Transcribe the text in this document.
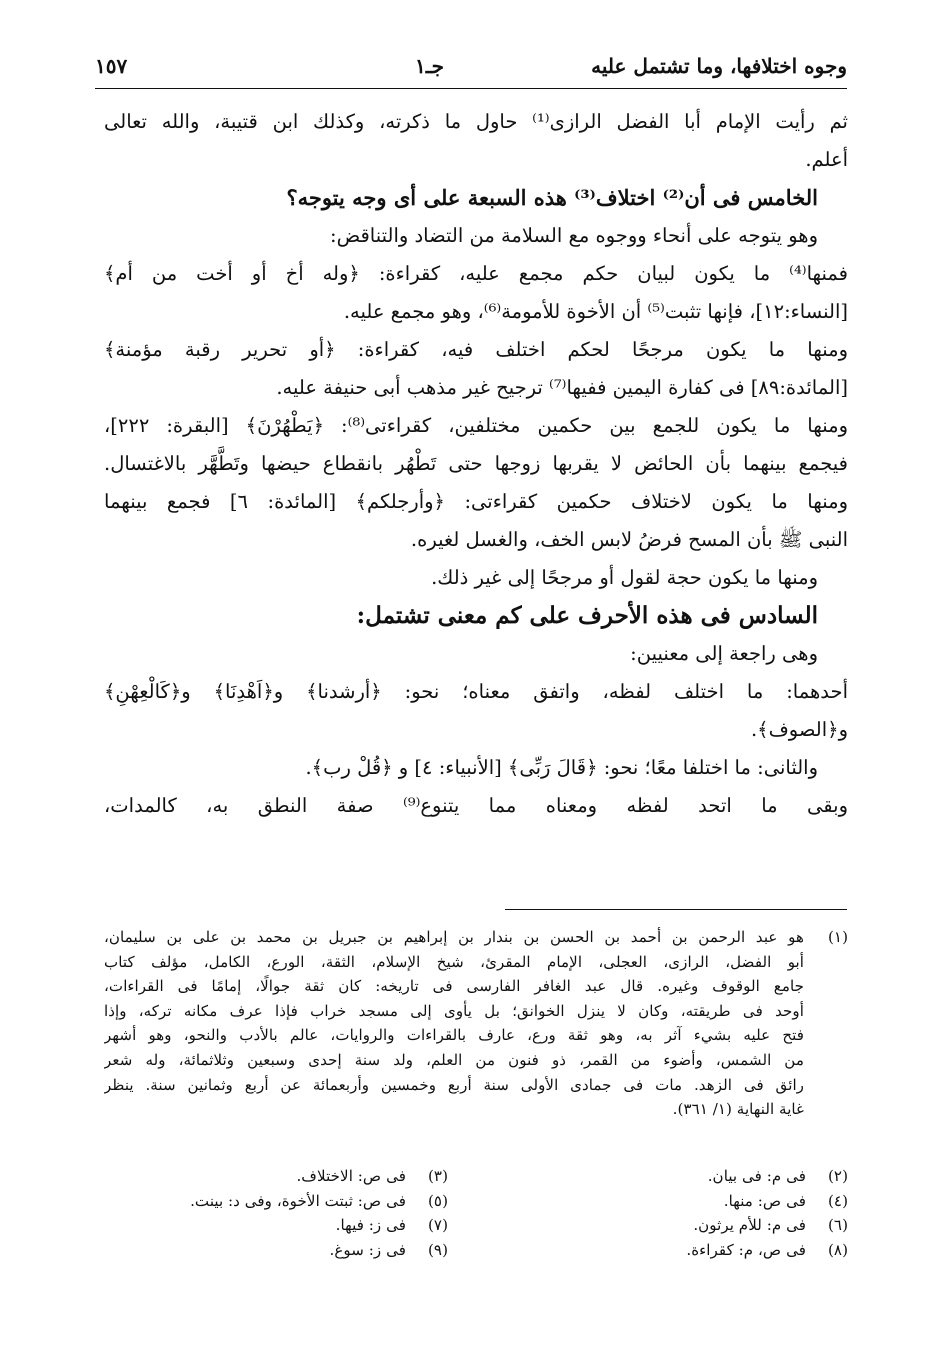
وجوه اختلافها، وما تشتمل عليه
جـ١
١٥٧
ثم رأيت الإمام أبا الفضل الرازى⁽¹⁾ حاول ما ذكرته، وكذلك ابن قتيبة، والله تعالى
أعلم.
الخامس فى أن⁽²⁾ اختلاف⁽³⁾ هذه السبعة على أى وجه يتوجه؟
وهو يتوجه على أنحاء ووجوه مع السلامة من التضاد والتناقض:
فمنها⁽⁴⁾ ما يكون لبيان حكم مجمع عليه، كقراءة: ﴿وله أخ أو أخت من أم﴾
[النساء:١٢]، فإنها تثبت⁽⁵⁾ أن الأخوة للأمومة⁽⁶⁾، وهو مجمع عليه.
ومنها ما يكون مرجحًا لحكم اختلف فيه، كقراءة: ﴿أو تحرير رقبة مؤمنة﴾
[المائدة:٨٩] فى كفارة اليمين ففيها⁽⁷⁾ ترجيح غير مذهب أبى حنيفة عليه.
ومنها ما يكون للجمع بين حكمين مختلفين، كقراءتى⁽⁸⁾: ﴿يَطْهُرْنَ﴾ [البقرة: ٢٢٢]،
فيجمع بينهما بأن الحائض لا يقربها زوجها حتى تَطْهُر بانقطاع حيضها وتَطَّهَّر بالاغتسال.
ومنها ما يكون لاختلاف حكمين كقراءتى: ﴿وأرجلكم﴾ [المائدة: ٦] فجمع بينهما
النبى ﷺ بأن المسح فرضُ لابس الخف، والغسل لغيره.
ومنها ما يكون حجة لقول أو مرجحًا إلى غير ذلك.
السادس فى هذه الأحرف على كم معنى تشتمل:
وهى راجعة إلى معنيين:
أحدهما: ما اختلف لفظه، واتفق معناه؛ نحو: ﴿أرشدنا﴾ و﴿اَهْدِنَا﴾ و﴿كَالْعِهْنِ﴾
و﴿الصوف﴾.
والثانى: ما اختلفا معًا؛ نحو: ﴿قَالَ رَبِّى﴾ [الأنبياء: ٤] و ﴿قُلْ رب﴾.
وبقى ما اتحد لفظه ومعناه مما يتنوع⁽⁹⁾ صفة النطق به، كالمدات،
(١)
هو عبد الرحمن بن أحمد بن الحسن بن بندار بن إبراهيم بن جبريل بن محمد بن على بن سليمان،
أبو الفضل، الرازى، العجلى، الإمام المقرئ، شيخ الإسلام، الثقة، الورع، الكامل، مؤلف كتاب
جامع الوقوف وغيره. قال عبد الغافر الفارسى فى تاريخه: كان ثقة جوالًا، إمامًا فى القراءات،
أوحد فى طريقته، وكان لا ينزل الخوانق؛ بل يأوى إلى مسجد خراب فإذا عرف مكانه تركه، وإذا
فتح عليه بشيء آثر به، وهو ثقة ورع، عارف بالقراءات والروايات، عالم بالأدب والنحو، وهو أشهر
من الشمس، وأضوء من القمر، ذو فنون من العلم، ولد سنة إحدى وسبعين وثلاثمائة، وله شعر
رائق فى الزهد. مات فى جمادى الأولى سنة أربع وخمسين وأربعمائة عن أربع وثمانين سنة. ينظر
غاية النهاية (١/ ٣٦١).
(٢)فى م: فى بيان.
(٣)فى ص: الاختلاف.
(٤)فى ص: منها.
(٥)فى ص: ثبتت الأخوة، وفى د: بينت.
(٦)فى م: للأم يرثون.
(٧)فى ز: فيها.
(٨)فى ص، م: كقراءة.
(٩)فى ز: سوغ.
